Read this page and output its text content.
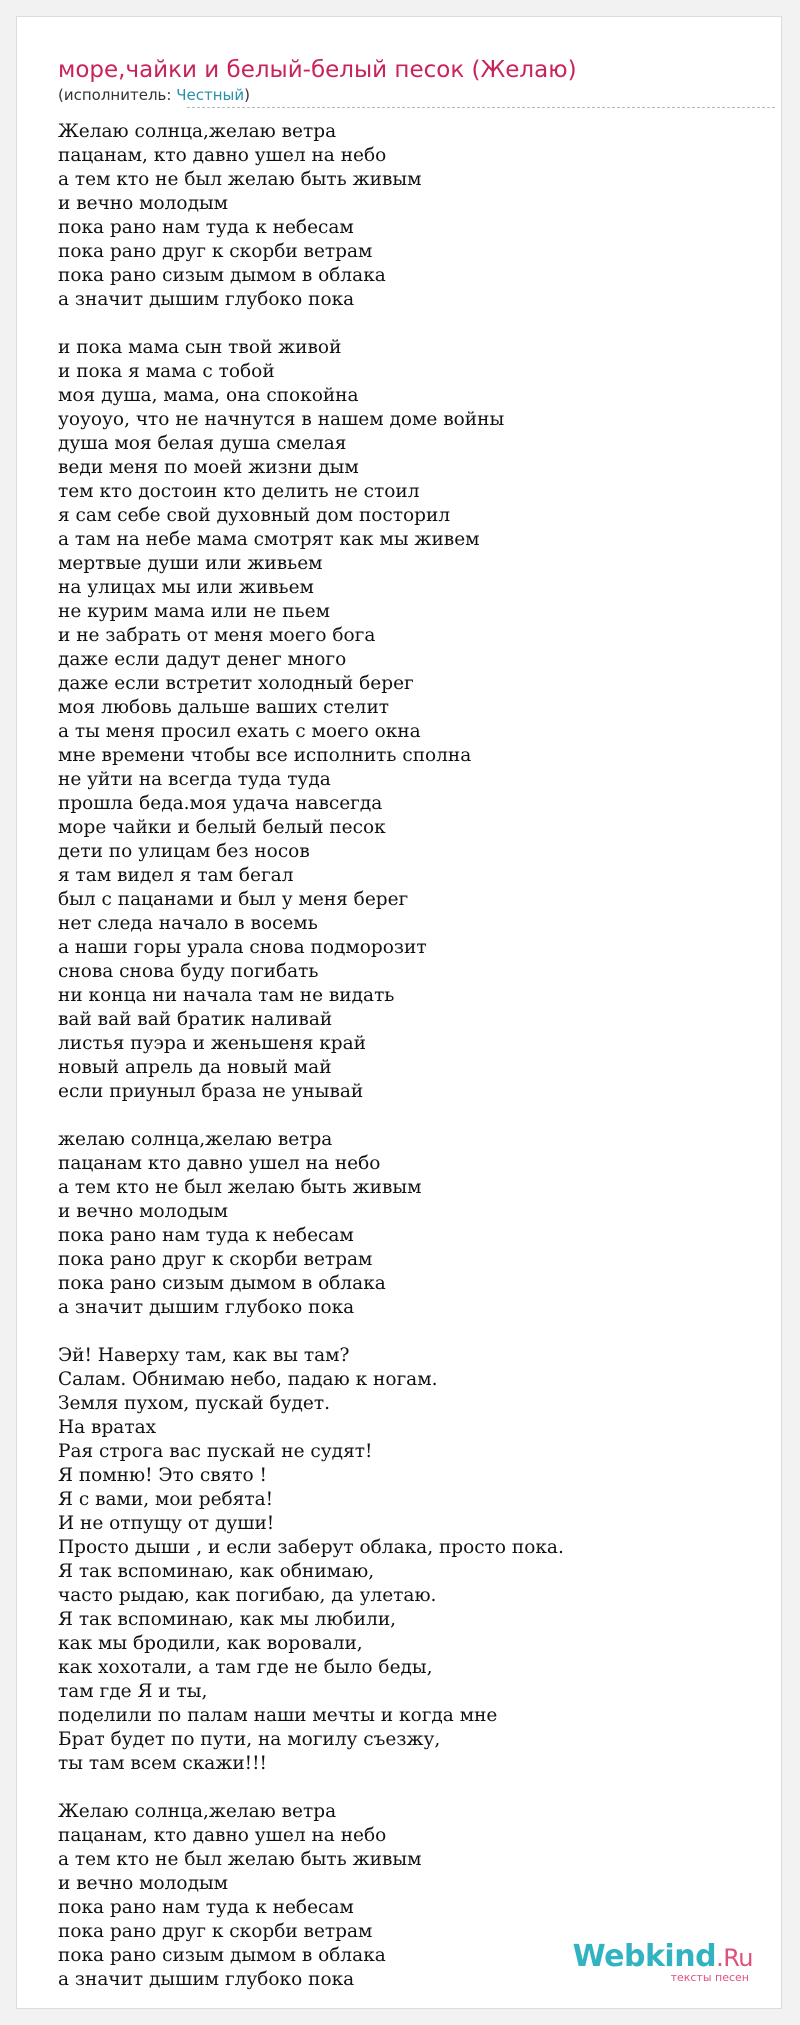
море,чайки и белый-белый песок (Желаю)
(исполнитель: Честный)
Желаю солнца,желаю ветра
пацанам, кто давно ушел на небо
а тем кто не был желаю быть живым
и вечно молодым
пока рано нам туда к небесам
пока рано друг к скорби ветрам
пока рано сизым дымом в облака
а значит дышим глубоко пока
и пока мама сын твой живой
и пока я мама с тобой
моя душа, мама, она спокойна
уоуоуо, что не начнутся в нашем доме войны
душа моя белая душа смелая
веди меня по моей жизни дым
тем кто достоин кто делить не стоил
я сам себе свой духовный дом посторил
а там на небе мама смотрят как мы живем
мертвые души или живьем
на улицах мы или живьем
не курим мама или не пьем
и не забрать от меня моего бога
даже если дадут денег много
даже если встретит холодный берег
моя любовь дальше ваших стелит
а ты меня просил ехать с моего окна
мне времени чтобы все исполнить сполна
не уйти на всегда туда туда
прошла беда.моя удача навсегда
море чайки и белый белый песок
дети по улицам без носов
я там видел я там бегал
был с пацанами и был у меня берег
нет следа начало в восемь
а наши горы урала снова подморозит
снова снова буду погибать
ни конца ни начала там не видать
вай вай вай братик наливай
листья пуэра и женьшеня край
новый апрель да новый май
если приуныл браза не унывай
желаю солнца,желаю ветра
пацанам кто давно ушел на небо
а тем кто не был желаю быть живым
и вечно молодым
пока рано нам туда к небесам
пока рано друг к скорби ветрам
пока рано сизым дымом в облака
а значит дышим глубоко пока
Эй! Наверху там, как вы там?
Салам. Обнимаю небо, падаю к ногам.
Земля пухом, пускай будет.
На вратах
Рая строга вас пускай не судят!
Я помню! Это свято !
Я с вами, мои ребята!
И не отпущу от души!
Просто дыши , и если заберут облака, просто пока.
Я так вспоминаю, как обнимаю,
часто рыдаю, как погибаю, да улетаю.
Я так вспоминаю, как мы любили,
как мы бродили, как воровали,
как хохотали, а там где не было беды,
там где Я и ты,
поделили по палам наши мечты и когда мне
Брат будет по пути, на могилу съезжу,
ты там всем скажи!!!
Желаю солнца,желаю ветра
пацанам, кто давно ушел на небо
а тем кто не был желаю быть живым
и вечно молодым
пока рано нам туда к небесам
пока рано друг к скорби ветрам
пока рано сизым дымом в облака
а значит дышим глубоко пока
Webkind.Ru
тексты песен
